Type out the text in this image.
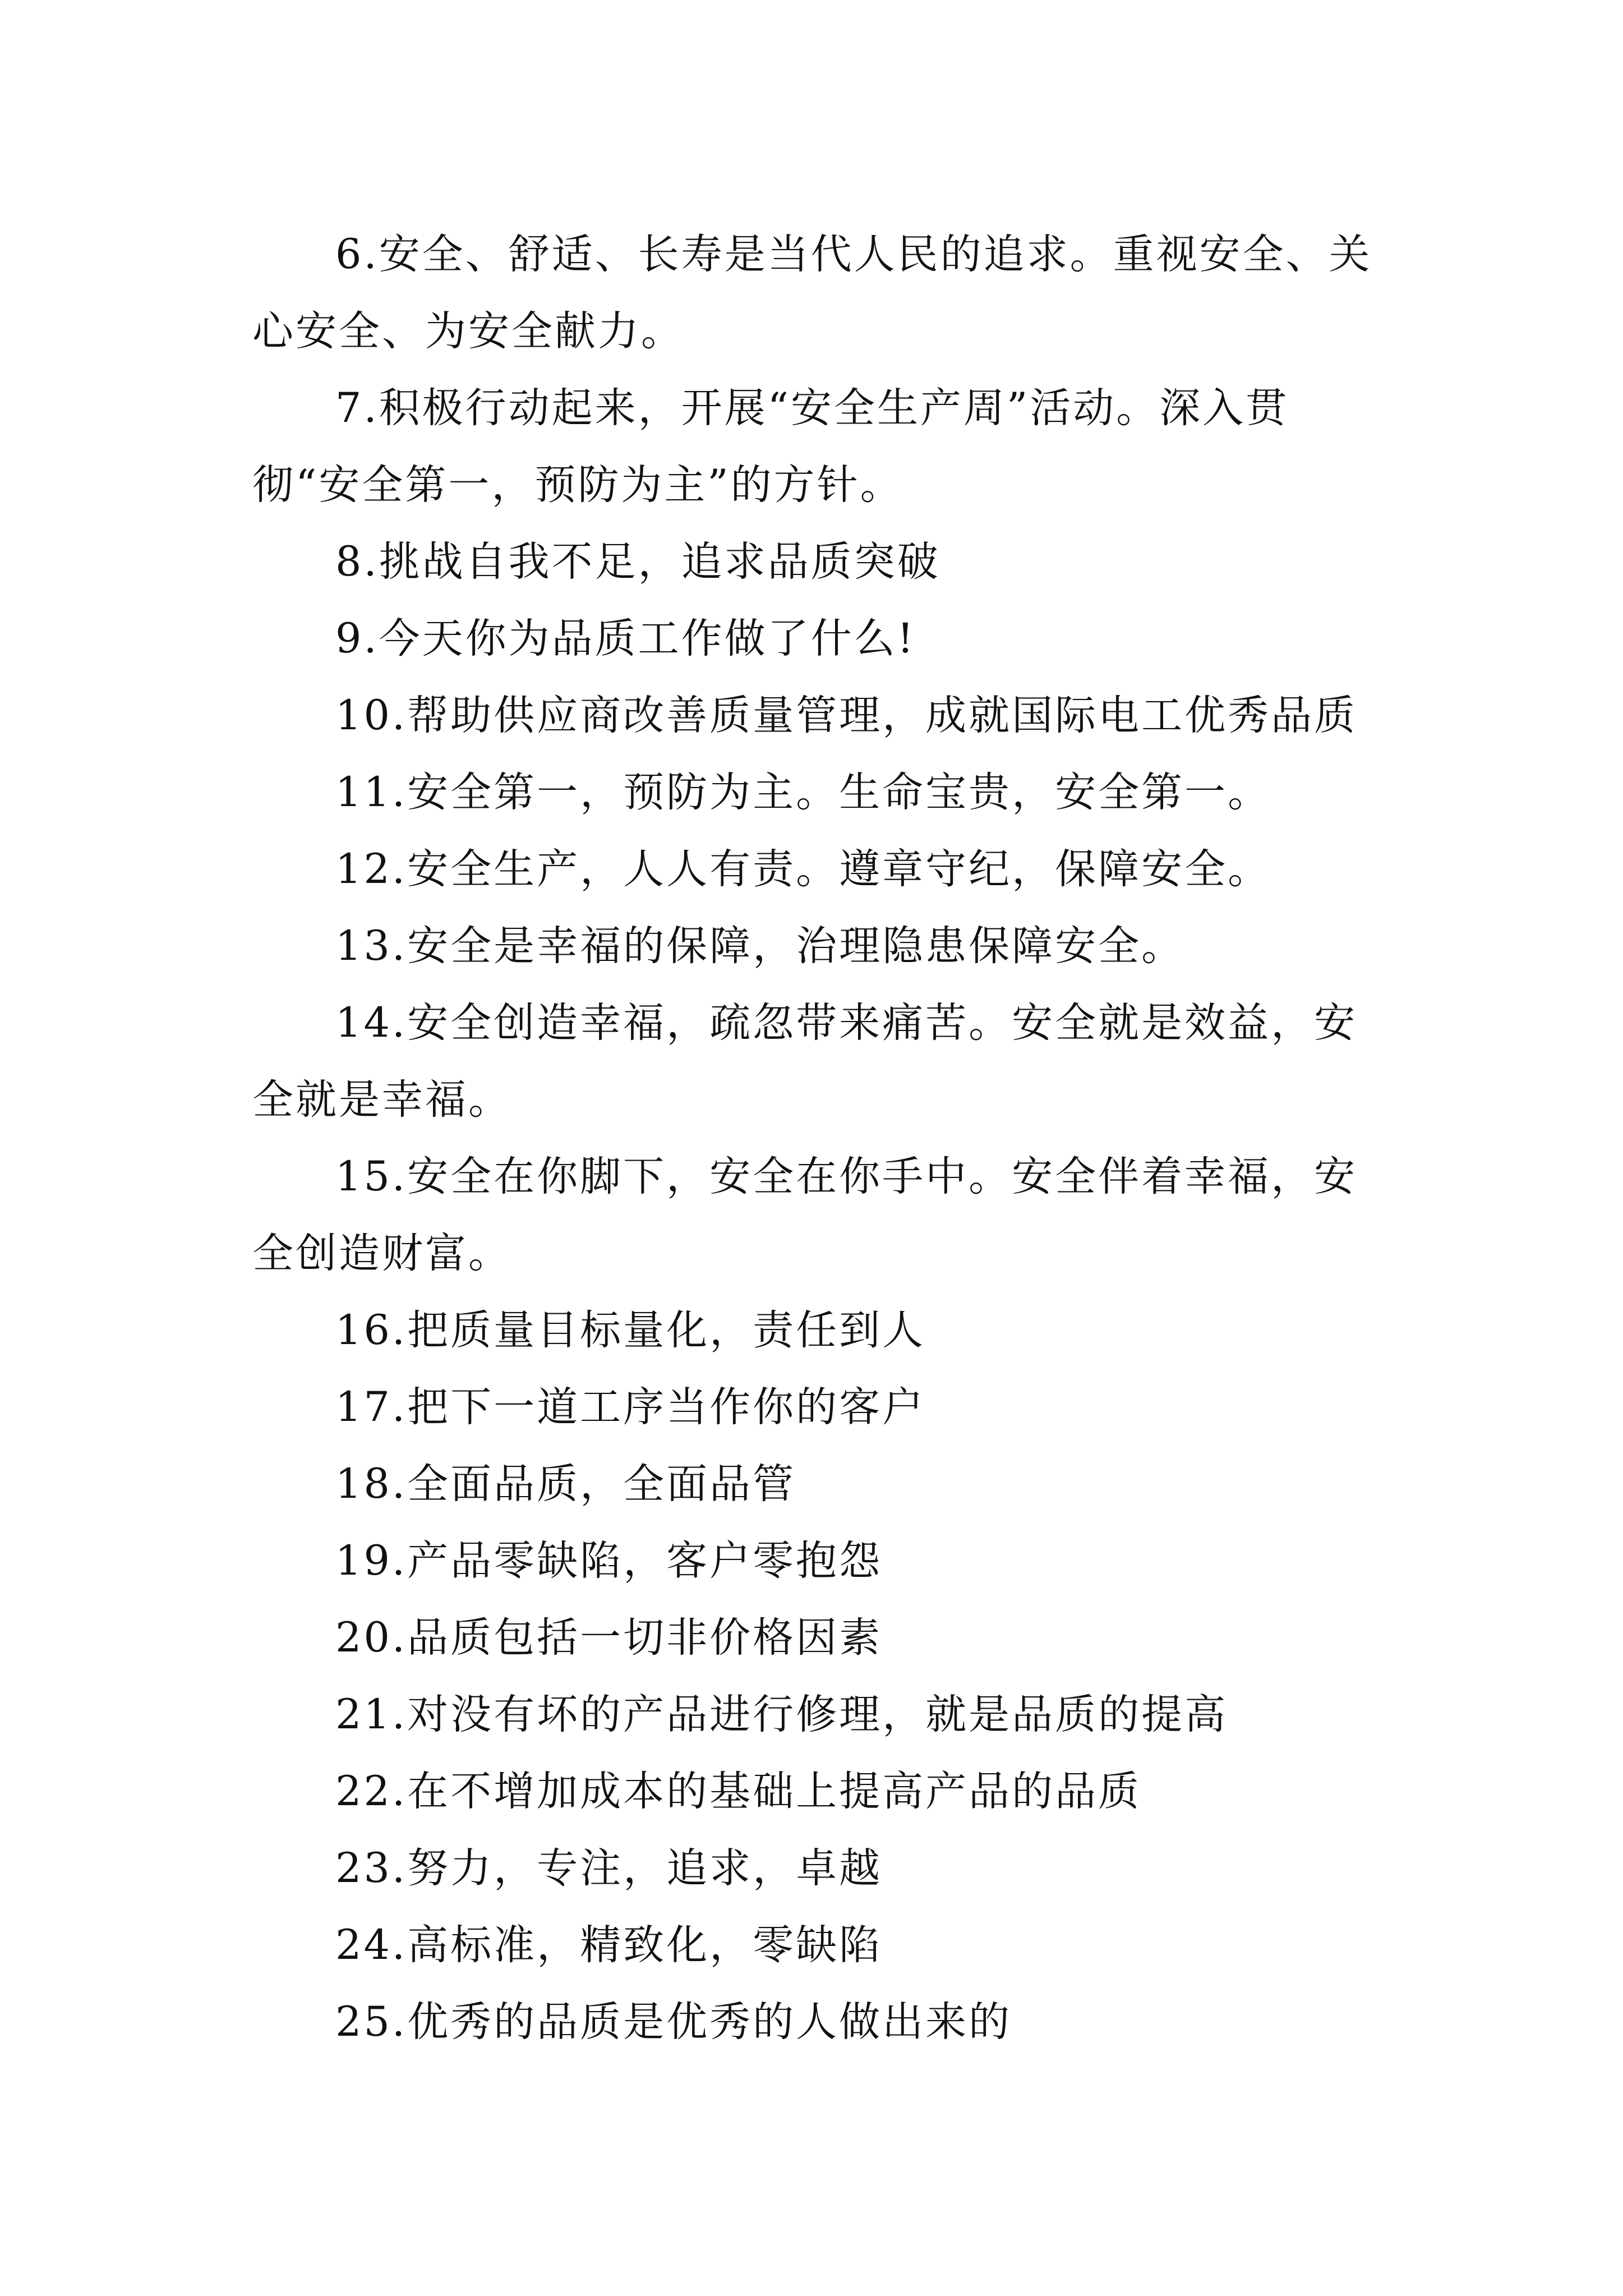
6.安全、舒适、长寿是当代人民的追求。重视安全、关心安全、为安全献力。

7.积极行动起来，开展“安全生产周”活动。深入贯彻“安全第一，预防为主”的方针。

8.挑战自我不足，追求品质突破

9.今天你为品质工作做了什么!

10.帮助供应商改善质量管理，成就国际电工优秀品质

11.安全第一，预防为主。生命宝贵，安全第一。

12.安全生产，人人有责。遵章守纪，保障安全。

13.安全是幸福的保障，治理隐患保障安全。

14.安全创造幸福，疏忽带来痛苦。安全就是效益，安全就是幸福。

15.安全在你脚下，安全在你手中。安全伴着幸福，安全创造财富。

16.把质量目标量化，责任到人

17.把下一道工序当作你的客户

18.全面品质，全面品管

19.产品零缺陷，客户零抱怨

20.品质包括一切非价格因素

21.对没有坏的产品进行修理，就是品质的提高

22.在不增加成本的基础上提高产品的品质

23.努力，专注，追求，卓越

24.高标准，精致化，零缺陷

25.优秀的品质是优秀的人做出来的
